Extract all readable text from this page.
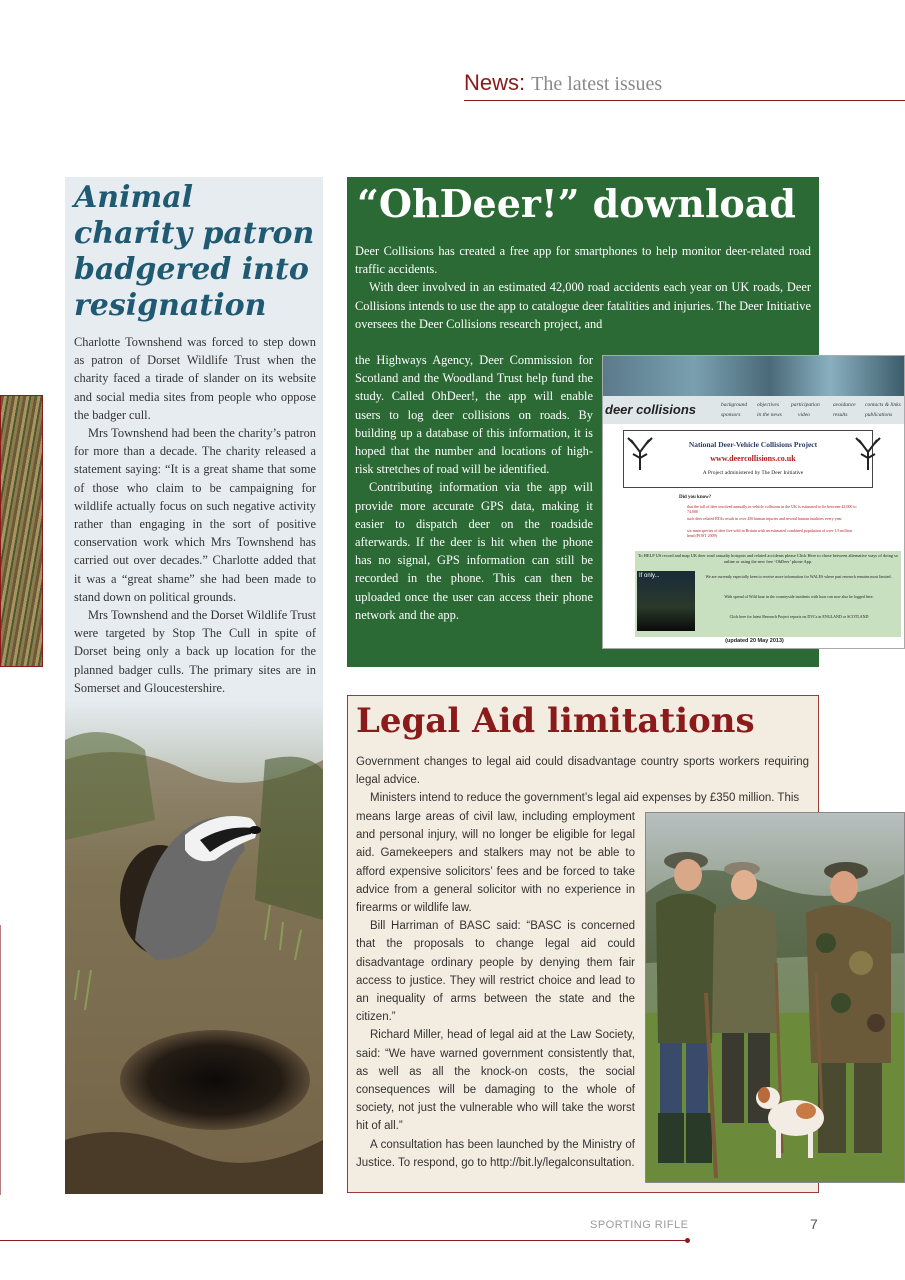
News: The latest issues
Animal charity patron badgered into resignation

Charlotte Townshend was forced to step down as patron of Dorset Wildlife Trust when the charity faced a tirade of slander on its website and social media sites from people who oppose the badger cull.

Mrs Townshend had been the charity’s patron for more than a decade. The charity released a statement saying: “It is a great shame that some of those who claim to be campaigning for wildlife actually focus on such negative activity rather than engaging in the sort of positive conservation work which Mrs Townshend has carried out over decades.” Charlotte added that it was a “great shame” she had been made to stand down on political grounds.

Mrs Townshend and the Dorset Wildlife Trust were targeted by Stop The Cull in spite of Dorset being only a back up location for the planned badger culls. The primary sites are in Somerset and Gloucestershire.

“OhDeer!” download

Deer Collisions has created a free app for smartphones to help monitor deer-related road traffic accidents.

With deer involved in an estimated 42,000 road accidents each year on UK roads, Deer Collisions intends to use the app to catalogue deer fatalities and injuries. The Deer Initiative oversees the Deer Collisions research project, and

the Highways Agency, Deer Commission for Scotland and the Woodland Trust help fund the study. Called OhDeer!, the app will enable users to log deer collisions on roads. By building up a database of this information, it is hoped that the number and locations of high-risk stretches of road will be identified.

Contributing information via the app will provide more accurate GPS data, making it easier to dispatch deer on the roadside afterwards. If the deer is hit when the phone has no signal, GPS information can still be recorded in the phone. This can then be uploaded once the user can access their phone network and the app.

deer collisions	background objectives participation avoidance contacts & links
sponsors	in the news	video	results	publications
National Deer-Vehicle Collisions Project
www.deercollisions.co.uk
A Project administered by The Deer Initiative
Did you know?
that the toll of deer involved annually in vehicle collisions in the UK is estimated to lie between 42,000 to 74,000
such deer related RTAs result in over 450 human injuries and several human fatalities every year.
six main species of deer live wild in Britain with an estimated combined population of over 1.5 million head (POST 2009)
To HELP US record and map UK deer road casualty hotspots and related accidents please Click Here to chose between alternative ways of doing so online or using the new free ‘OhDeer’ phone App.
If only...	We are currently especially keen to receive more information for WALES where past research remains most limited .
With spread of Wild boar in the countryside incidents with boar can now also be logged here.
Click here for latest Research Project reports on DVCs in ENGLAND or SCOTLAND
(updated 20 May 2013)
Legal Aid limitations

Government changes to legal aid could disadvantage country sports workers requiring legal advice.

Ministers intend to reduce the government’s legal aid expenses by £350 million. This

means large areas of civil law, including employment and personal injury, will no longer be eligible for legal aid. Gamekeepers and stalkers may not be able to afford expensive solicitors’ fees and be forced to take advice from a general solicitor with no experience in firearms or wildlife law.

Bill Harriman of BASC said: “BASC is concerned that the proposals to change legal aid could disadvantage ordinary people by denying them fair access to justice. They will restrict choice and lead to an inequality of arms between the state and the citizen.”

Richard Miller, head of legal aid at the Law Society, said: “We have warned government consistently that, as well as all the knock-on costs, the social consequences will be damaging to the whole of society, not just the vulnerable who will take the worst hit of all.”

A consultation has been launched by the Ministry of Justice. To respond, go to http://bit.ly/legalconsultation.

SPORTING RIFLE	7
